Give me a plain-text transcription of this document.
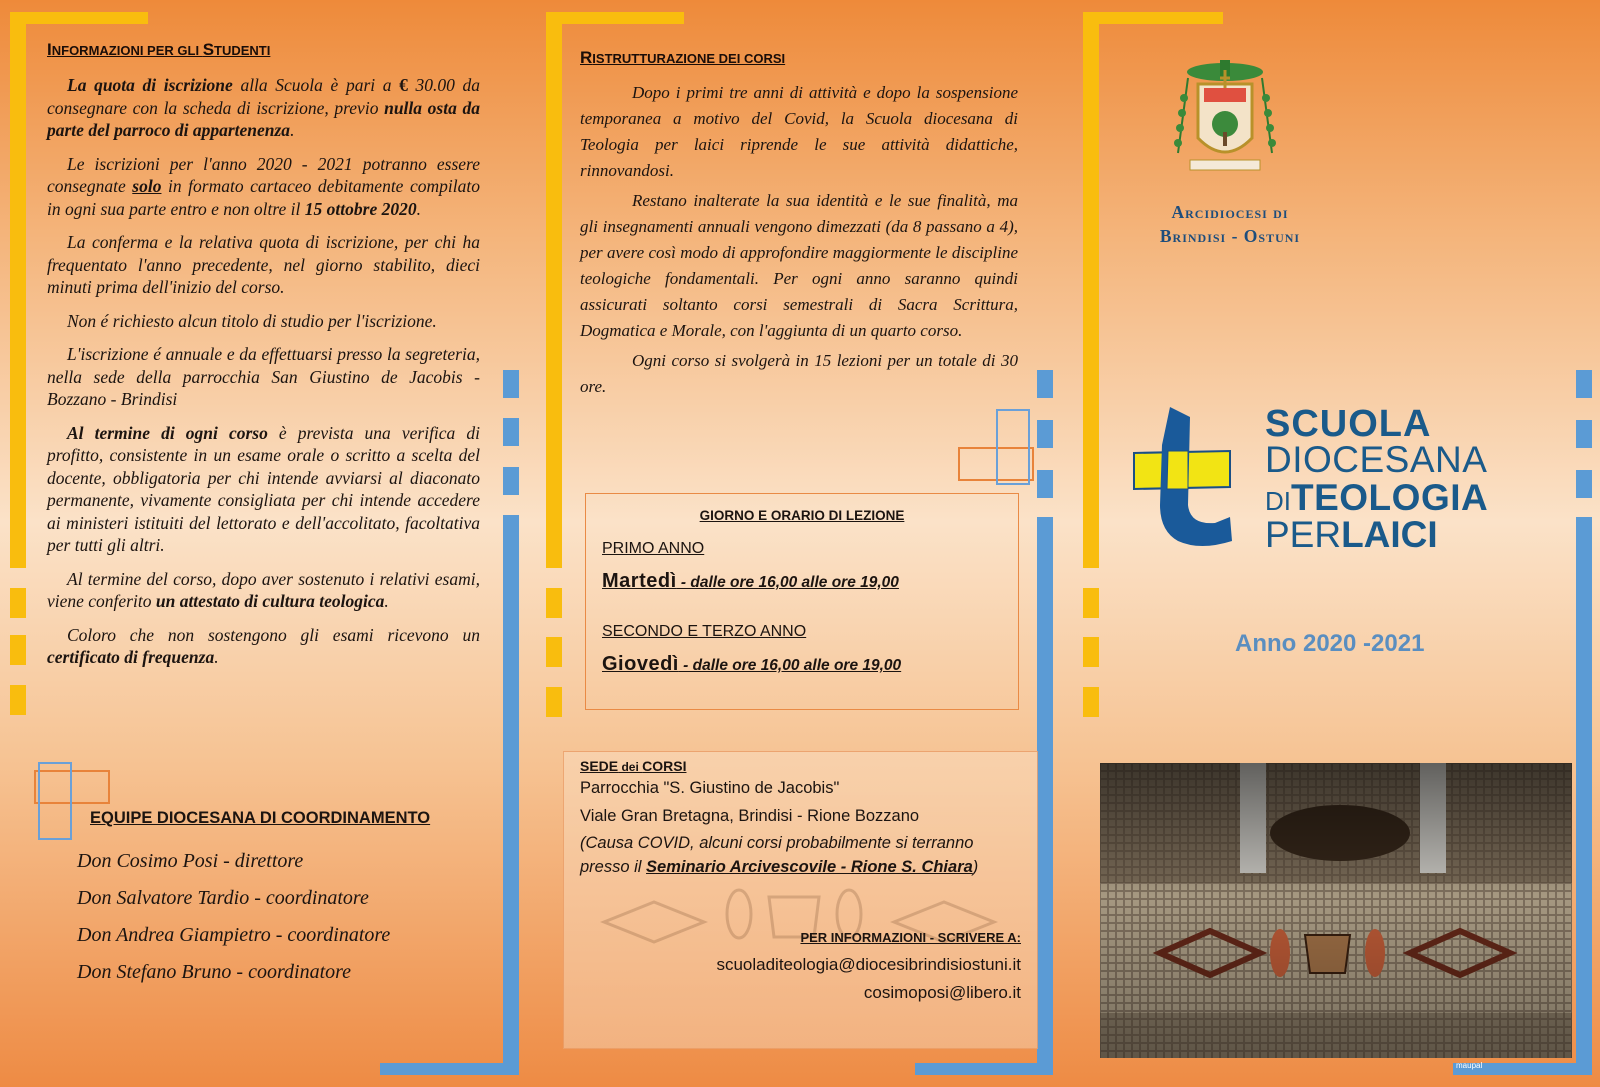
INFORMAZIONI PER GLI STUDENTI

La quota di iscrizione alla Scuola è pari a € 30.00 da consegnare con la scheda di iscrizione, previo nulla osta da parte del parroco di appartenenza.

Le iscrizioni per l'anno 2020 - 2021 potranno essere consegnate solo in formato cartaceo debitamente compilato in ogni sua parte entro e non oltre il 15 ottobre 2020.

La conferma e la relativa quota di iscrizione, per chi ha frequentato l'anno precedente, nel giorno stabilito, dieci minuti prima dell'inizio del corso.

Non é richiesto alcun titolo di studio per l'iscrizione.

L'iscrizione é annuale e da effettuarsi presso la segreteria, nella sede della parrocchia San Giustino de Jacobis - Bozzano - Brindisi

Al termine di ogni corso è prevista una verifica di profitto, consistente in un esame orale o scritto a scelta del docente, obbligatoria per chi intende avviarsi al diaconato permanente, vivamente consigliata per chi intende accedere ai ministeri istituiti del lettorato e dell'accolitato, facoltativa per tutti gli altri.

Al termine del corso, dopo aver sostenuto i relativi esami, viene conferito un attestato di cultura teologica.

Coloro che non sostengono gli esami ricevono un certificato di frequenza.

EQUIPE DIOCESANA DI COORDINAMENTO
Don Cosimo Posi - direttore
Don Salvatore Tardio - coordinatore
Don Andrea Giampietro - coordinatore
Don Stefano Bruno - coordinatore
RISTRUTTURAZIONE DEI CORSI

Dopo i primi tre anni di attività e dopo la sospensione temporanea a motivo del Covid, la Scuola diocesana di Teologia per laici riprende le sue attività didattiche, rinnovandosi.

Restano inalterate la sua identità e le sue finalità, ma gli insegnamenti annuali vengono dimezzati (da 8 passano a 4), per avere così modo di approfondire maggiormente le discipline teologiche fondamentali. Per ogni anno saranno quindi assicurati soltanto corsi semestrali di Sacra Scrittura, Dogmatica e Morale, con l'aggiunta di un quarto corso.

Ogni corso si svolgerà in 15 lezioni per un totale di 30 ore.

GIORNO E ORARIO DI LEZIONE
PRIMO ANNO
Martedì - dalle ore 16,00 alle ore 19,00
SECONDO E TERZO ANNO
Giovedì - dalle ore 16,00 alle ore 19,00
SEDE dei CORSI
Parrocchia "S. Giustino de Jacobis"
Viale Gran Bretagna, Brindisi - Rione Bozzano
(Causa COVID, alcuni corsi probabilmente si terranno
presso il Seminario Arcivescovile - Rione S. Chiara)
PER INFORMAZIONI - SCRIVERE A:
scuoladiteologia@diocesibrindisiostuni.it
cosimoposi@libero.it
Arcidiocesi di
Brindisi - Ostuni
SCUOLA
DIOCESANA
DITEOLOGIA
PERLAICI
Anno 2020 -2021
maupal
